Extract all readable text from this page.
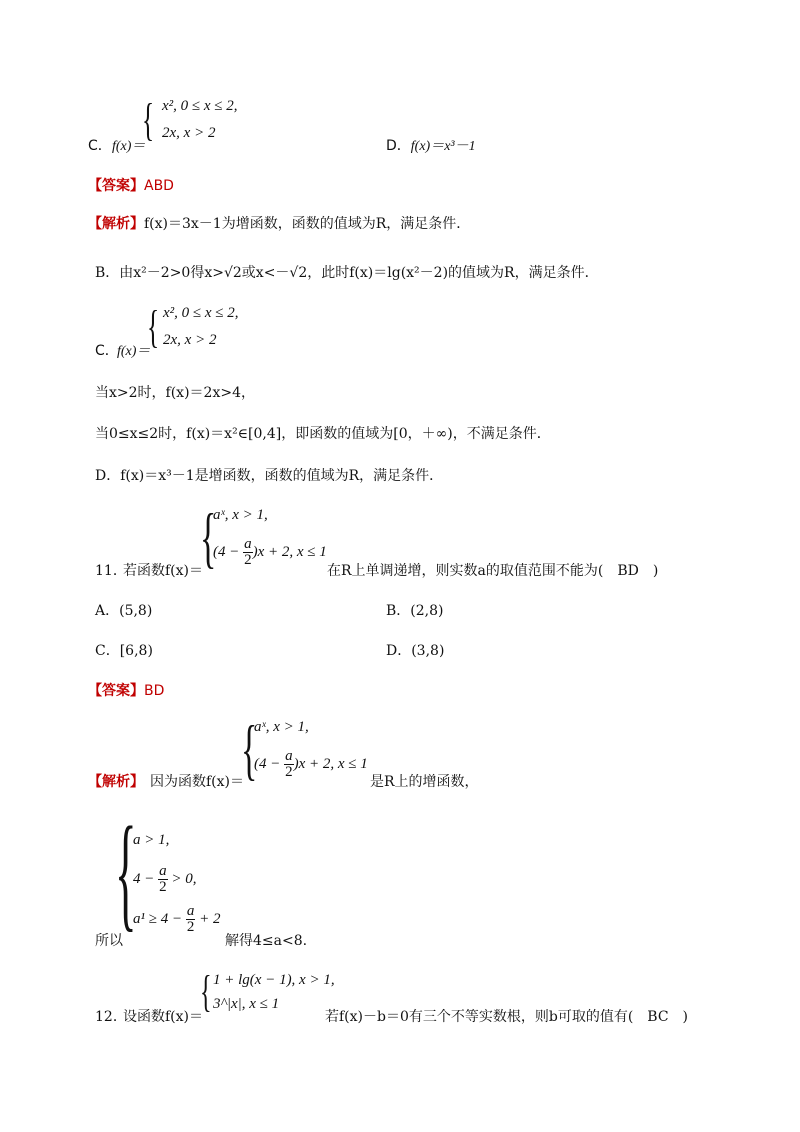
{ x², 0 ≤ x ≤ 2,
2x, x > 2
C． f(x)＝	D．f(x)＝x³－1
【答案】ABD
【解析】f(x)＝3x－1为增函数，函数的值域为R，满足条件．
B．由x²－2>0得x>√2或x<－√2，此时f(x)＝lg(x²－2)的值域为R，满足条件．
{ x², 0 ≤ x ≤ 2,
2x, x > 2
C．
f(x)＝
当x>2时，f(x)＝2x>4，
当0≤x≤2时，f(x)＝x²∈[0,4]，即函数的值域为[0，＋∞)，不满足条件．
D．f(x)＝x³－1是增函数，函数的值域为R，满足条件．
{
aˣ, x > 1,
$(4 - \frac{a}{2} )x + 2$, x ≤ 1
11．
若函数f(x)＝	在R上单调递增，则实数a的取值范围不能为(　BD　)
A．(5,8)	B．(2,8)
C．[6,8)	D．(3,8)
【答案】BD
{
aˣ, x > 1,
$(4 - \frac{a}{2} )x + 2$, x ≤ 1
【解析】 因为函数f(x)＝	是R上的增函数，
{
a > 1,
$4 - \frac{a}{2} > 0$,
$a^1 \ge 4 - \frac{a}{2} + 2$
所以	解得4≤a<8.
{ 1 + lg(x − 1), x > 1,
3^|x|, x ≤ 1
12．
设函数f(x)＝	若f(x)－b＝0有三个不等实数根，则b可取的值有(　BC　)
